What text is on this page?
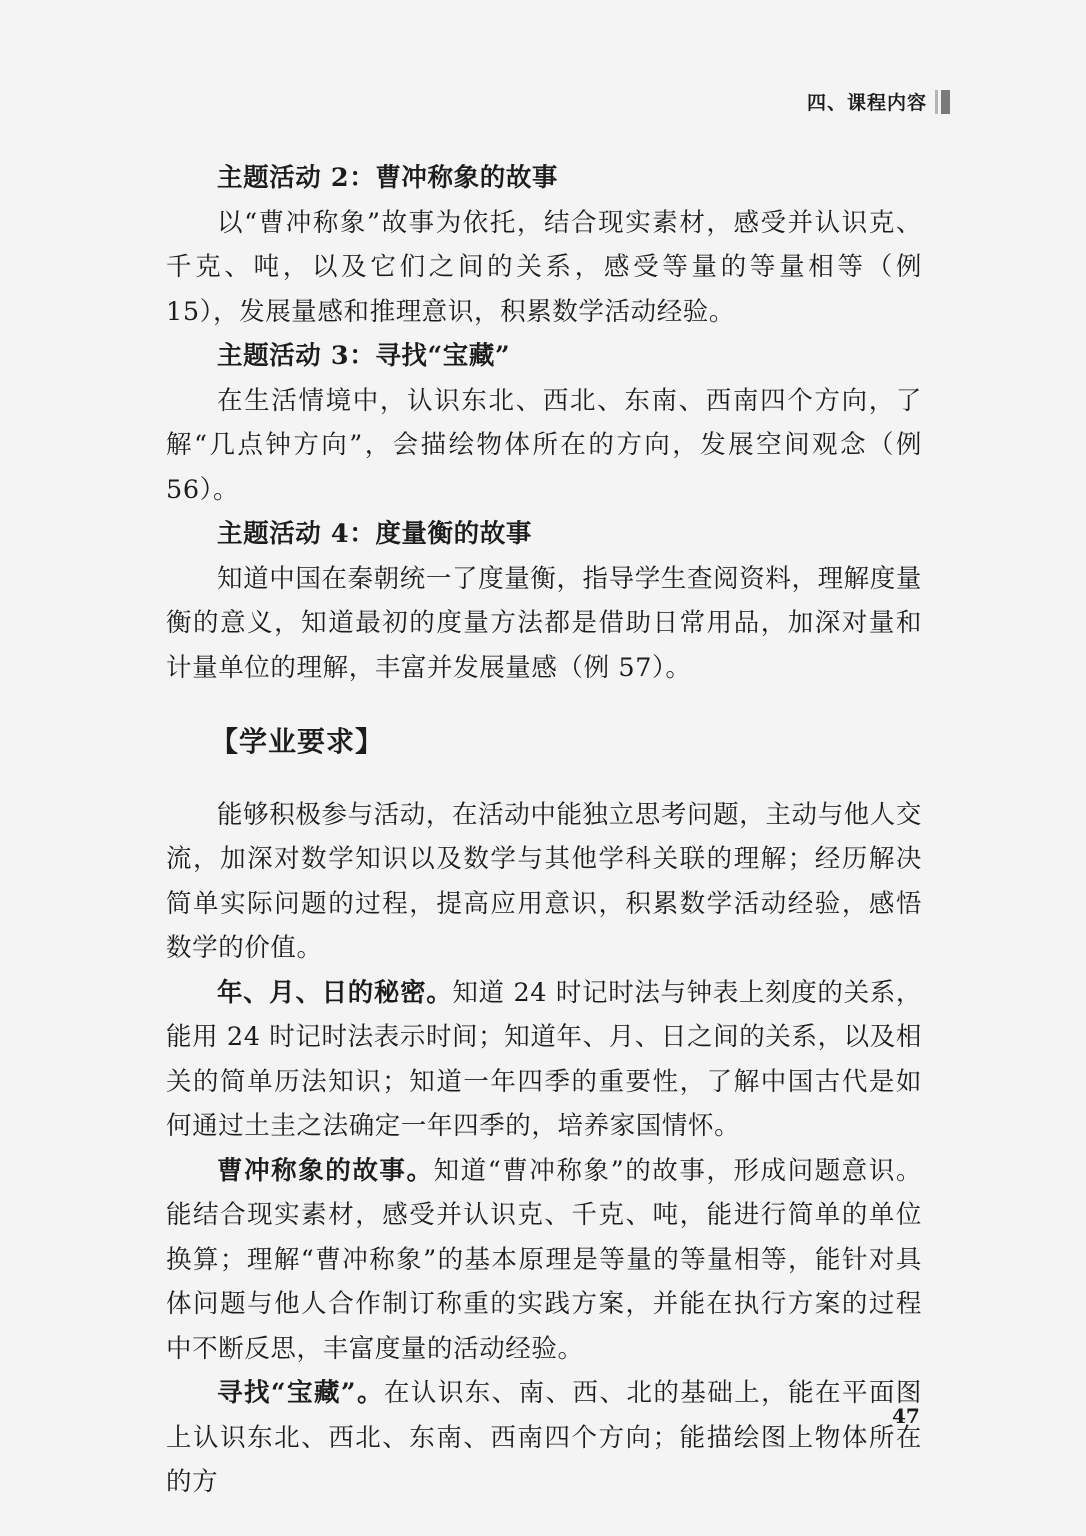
四、课程内容
主题活动 2：曹冲称象的故事

以“曹冲称象”故事为依托，结合现实素材，感受并认识克、千克、吨，以及它们之间的关系，感受等量的等量相等（例 15），发展量感和推理意识，积累数学活动经验。

主题活动 3：寻找“宝藏”

在生活情境中，认识东北、西北、东南、西南四个方向，了解“几点钟方向”，会描绘物体所在的方向，发展空间观念（例 56）。

主题活动 4：度量衡的故事

知道中国在秦朝统一了度量衡，指导学生查阅资料，理解度量衡的意义，知道最初的度量方法都是借助日常用品，加深对量和计量单位的理解，丰富并发展量感（例 57）。

【学业要求】

能够积极参与活动，在活动中能独立思考问题，主动与他人交流，加深对数学知识以及数学与其他学科关联的理解；经历解决简单实际问题的过程，提高应用意识，积累数学活动经验，感悟数学的价值。

年、月、日的秘密。知道 24 时记时法与钟表上刻度的关系，能用 24 时记时法表示时间；知道年、月、日之间的关系，以及相关的简单历法知识；知道一年四季的重要性，了解中国古代是如何通过土圭之法确定一年四季的，培养家国情怀。

曹冲称象的故事。知道“曹冲称象”的故事，形成问题意识。能结合现实素材，感受并认识克、千克、吨，能进行简单的单位换算；理解“曹冲称象”的基本原理是等量的等量相等，能针对具体问题与他人合作制订称重的实践方案，并能在执行方案的过程中不断反思，丰富度量的活动经验。

寻找“宝藏”。在认识东、南、西、北的基础上，能在平面图上认识东北、西北、东南、西南四个方向；能描绘图上物体所在的方

47
